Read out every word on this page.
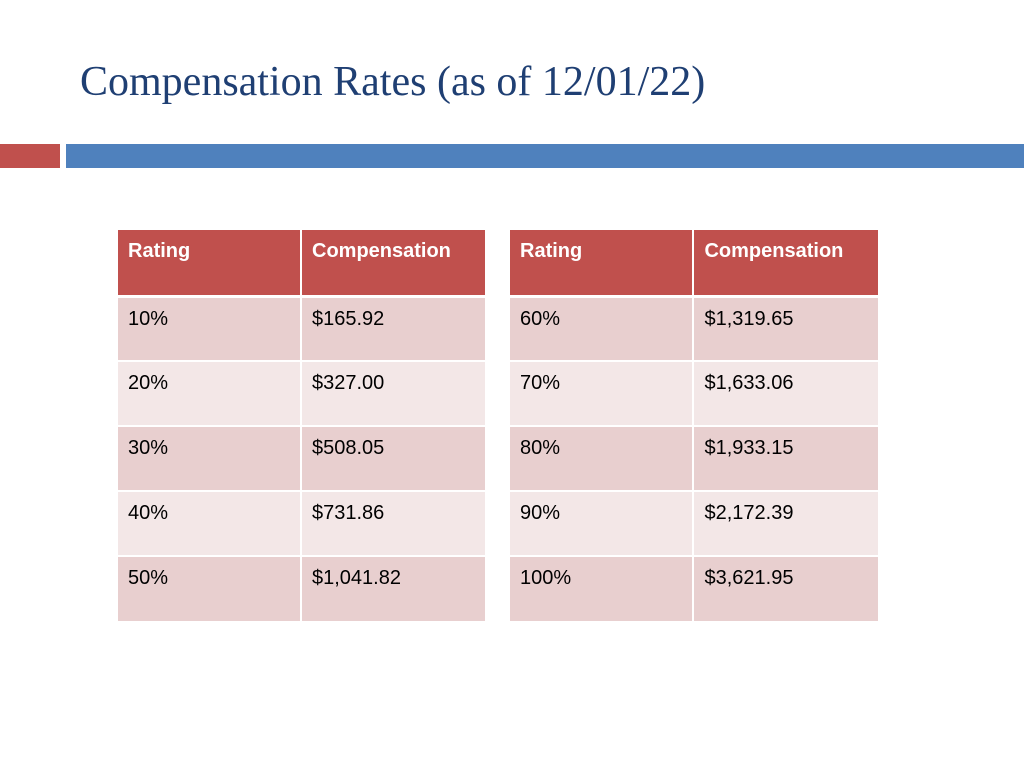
Compensation Rates (as of 12/01/22)
Rating	Compensation
10%	$165.92
20%	$327.00
30%	$508.05
40%	$731.86
50%	$1,041.82
Rating	Compensation
60%	$1,319.65
70%	$1,633.06
80%	$1,933.15
90%	$2,172.39
100%	$3,621.95
